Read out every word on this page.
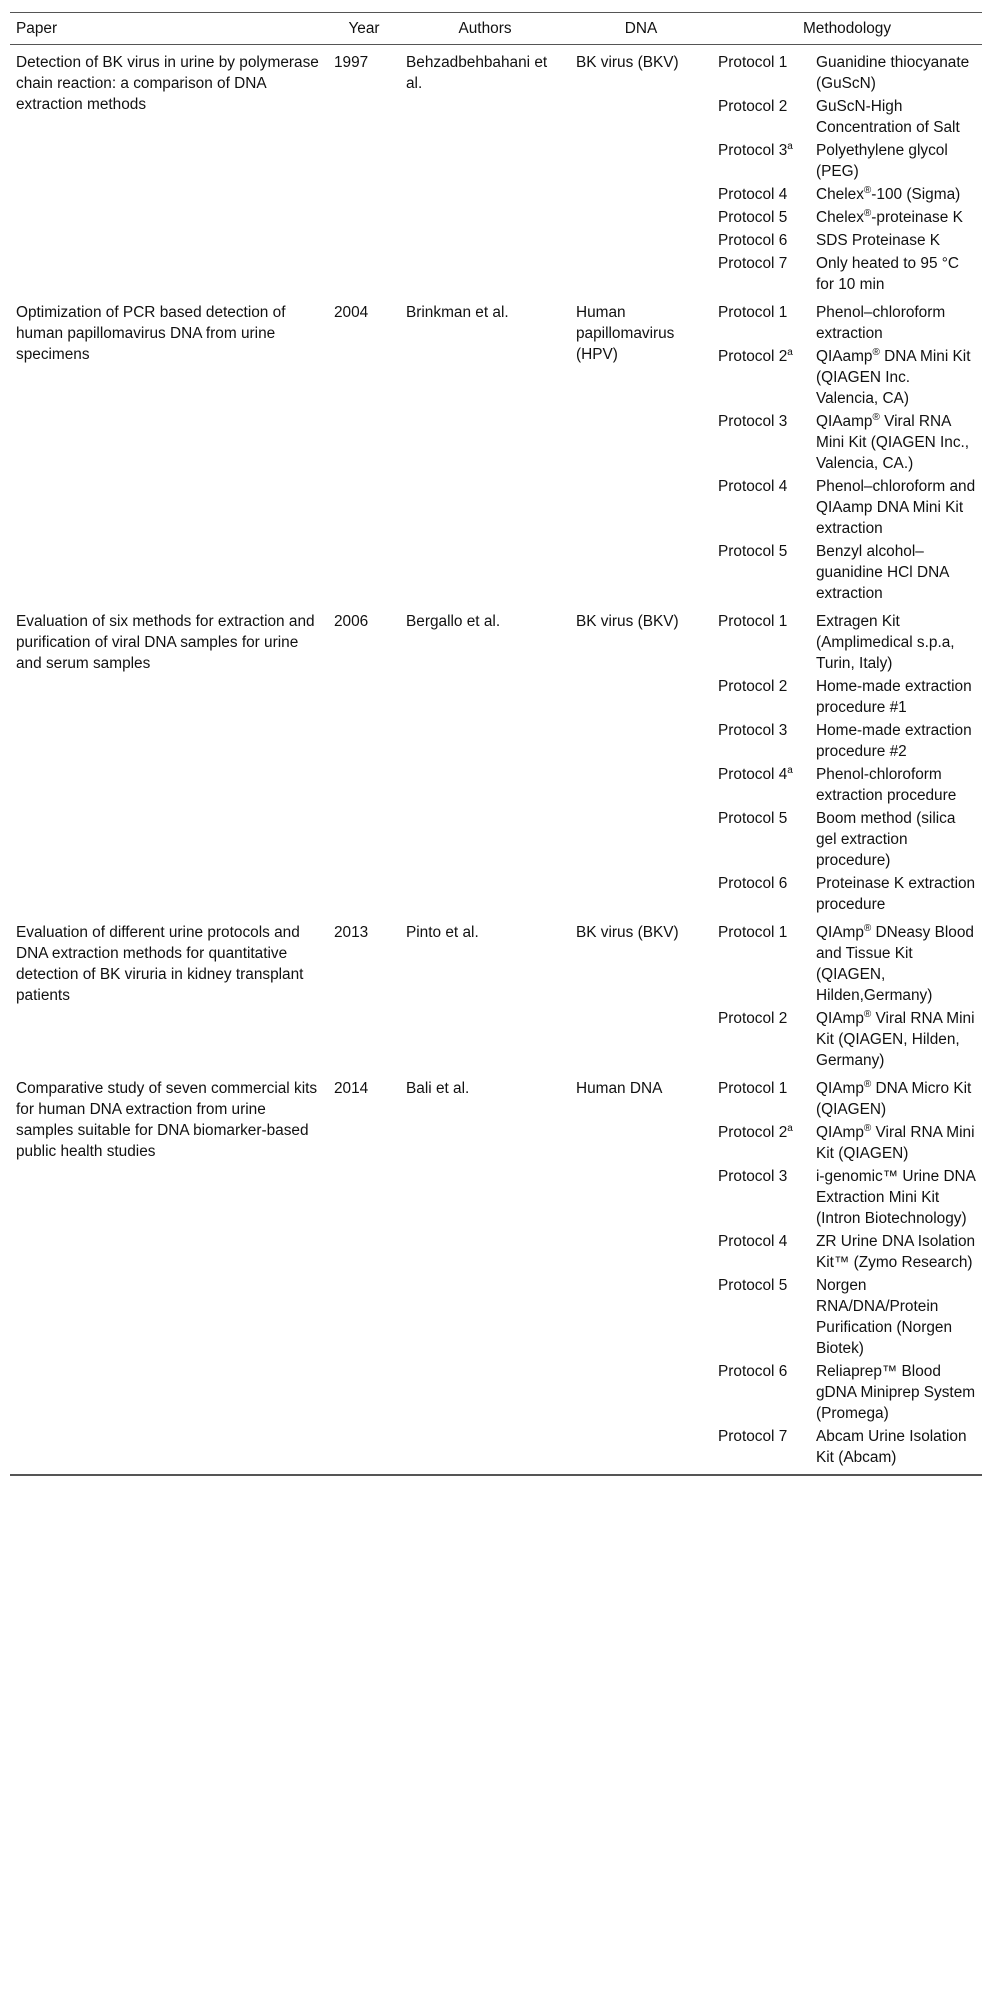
Paper	Year	Authors	DNA	Methodology	
Detection of BK virus in urine by polymerase chain reaction: a comparison of DNA extraction methods	1997	Behzadbehbahani et al.	BK virus (BKV)	Protocol 1	Guanidine thiocyanate (GuScN)
				Protocol 2	GuScN-High Concentration of Salt
				Protocol 3$^a$	Polyethylene glycol (PEG)
				Protocol 4	Chelex®-100 (Sigma)
				Protocol 5	Chelex®-proteinase K
				Protocol 6	SDS Proteinase K
				Protocol 7	Only heated to 95 °C for 10 min
Optimization of PCR based detection of human papillomavirus DNA from urine specimens	2004	Brinkman et al.	Human papillomavirus (HPV)	Protocol 1	Phenol–chloroform extraction
				Protocol 2$^a$	QIAamp® DNA Mini Kit (QIAGEN Inc. Valencia, CA)
				Protocol 3	QIAamp® Viral RNA Mini Kit (QIAGEN Inc., Valencia, CA.)
				Protocol 4	Phenol–chloroform and QIAamp DNA Mini Kit extraction
				Protocol 5	Benzyl alcohol–guanidine HCl DNA extraction
Evaluation of six methods for extraction and purification of viral DNA samples for urine and serum samples	2006	Bergallo et al.	BK virus (BKV)	Protocol 1	Extragen Kit (Amplimedical s.p.a, Turin, Italy)
				Protocol 2	Home-made extraction procedure #1
				Protocol 3	Home-made extraction procedure #2
				Protocol 4$^a$	Phenol-chloroform extraction procedure
				Protocol 5	Boom method (silica gel extraction procedure)
				Protocol 6	Proteinase K extraction procedure
Evaluation of different urine protocols and DNA extraction methods for quantitative detection of BK viruria in kidney transplant patients	2013	Pinto et al.	BK virus (BKV)	Protocol 1	QIAmp® DNeasy Blood and Tissue Kit (QIAGEN, Hilden,Germany)
				Protocol 2	QIAmp® Viral RNA Mini Kit (QIAGEN, Hilden, Germany)
Comparative study of seven commercial kits for human DNA extraction from urine samples suitable for DNA biomarker-based public health studies	2014	Bali et al.	Human DNA	Protocol 1	QIAmp® DNA Micro Kit (QIAGEN)
				Protocol 2$^a$	QIAmp® Viral RNA Mini Kit (QIAGEN)
				Protocol 3	i-genomic™ Urine DNA Extraction Mini Kit (Intron Biotechnology)
				Protocol 4	ZR Urine DNA Isolation Kit™ (Zymo Research)
				Protocol 5	Norgen RNA/DNA/Protein Purification (Norgen Biotek)
				Protocol 6	Reliaprep™ Blood gDNA Miniprep System (Promega)
				Protocol 7	Abcam Urine Isolation Kit (Abcam)
